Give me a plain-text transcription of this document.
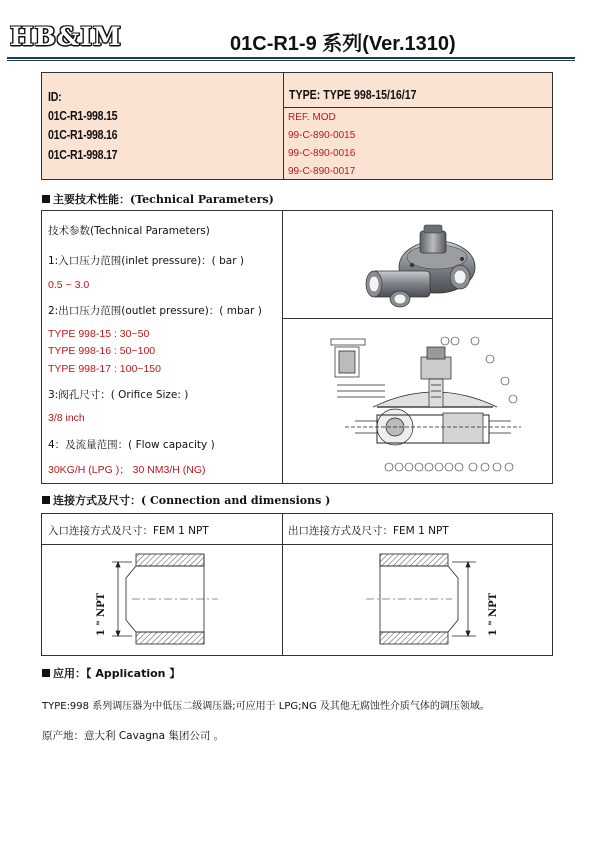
HB&IM	01C-R1-9 系列(Ver.1310)
ID:
01C-R1-998.15
01C-R1-998.16
01C-R1-998.17
TYPE: TYPE 998-15/16/17
REF. MOD
99-C-890-0015
99-C-890-0016
99-C-890-0017
主要技术性能：(Technical Parameters)
技术参数(Technical Parameters)
1:入口压力范围(inlet pressure)：( bar )
0.5 ~ 3.0
2:出口压力范围(outlet pressure)：( mbar )
TYPE 998-15 : 30~50
TYPE 998-16 : 50~100
TYPE 998-17 : 100~150
3:阀孔尺寸：( Orifice Size: )
3/8 inch
4：及流量范围：( Flow capacity )
30KG/H (LPG )； 30 NM3/H (NG)
连接方式及尺寸：( Connection and dimensions )
入口连接方式及尺寸：FEM 1 NPT	出口连接方式及尺寸：FEM 1 NPT
1 " NPT	1 " NPT
应用：【 Application 】
TYPE:998 系列调压器为中低压二级调压器;可应用于 LPG;NG 及其他无腐蚀性介质气体的调压领域。
原产地：意大利 Cavagna 集团公司 。
